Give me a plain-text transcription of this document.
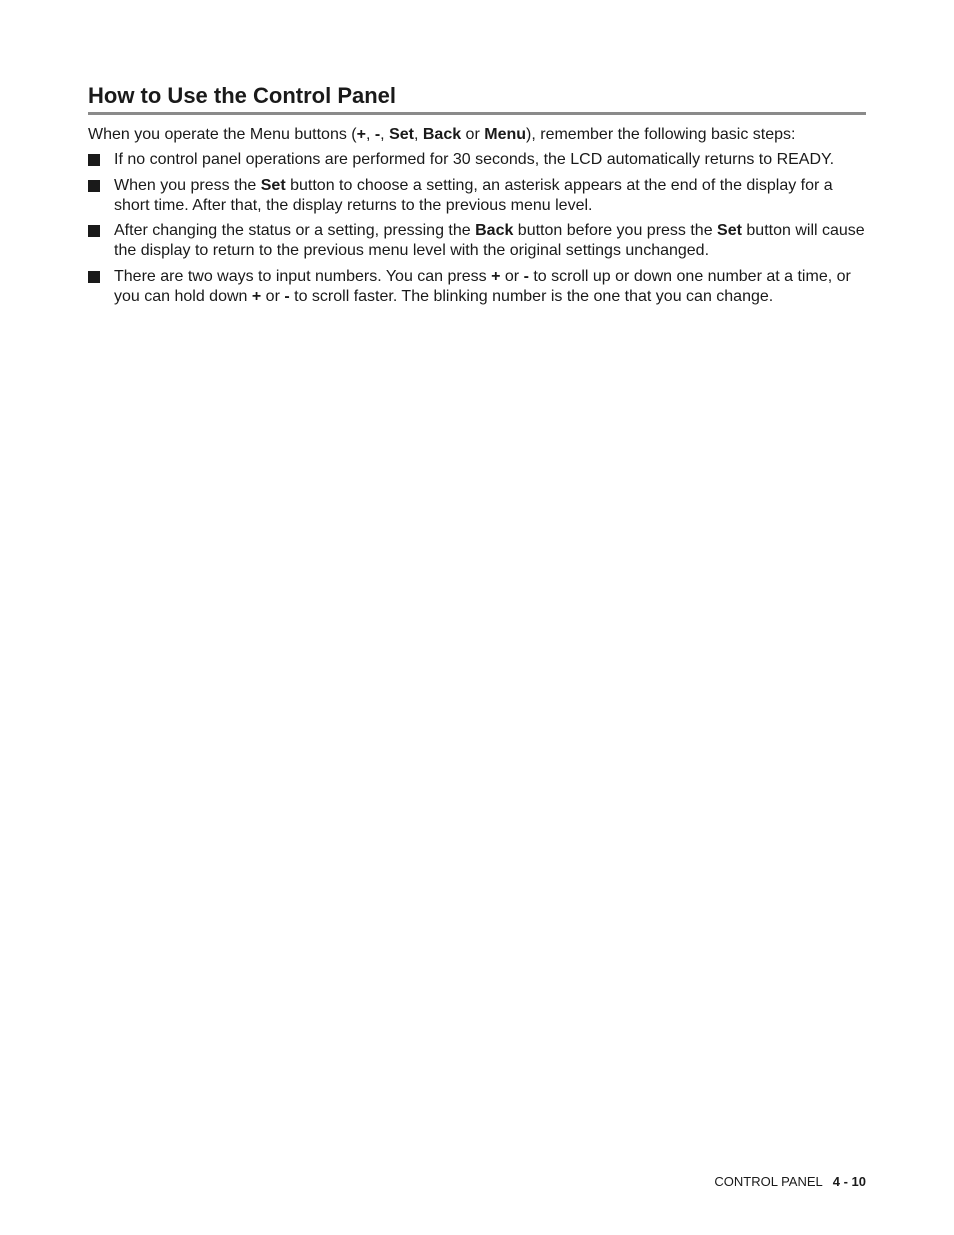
How to Use the Control Panel

When you operate the Menu buttons (+, -, Set, Back or Menu), remember the following basic steps:

If no control panel operations are performed for 30 seconds, the LCD automatically returns to READY.
When you press the Set button to choose a setting, an asterisk appears at the end of the display for a short time. After that, the display returns to the previous menu level.
After changing the status or a setting, pressing the Back button before you press the Set button will cause the display to return to the previous menu level with the original settings unchanged.
There are two ways to input numbers. You can press + or - to scroll up or down one number at a time, or you can hold down + or - to scroll faster. The blinking number is the one that you can change.
CONTROL PANEL 4 - 10
